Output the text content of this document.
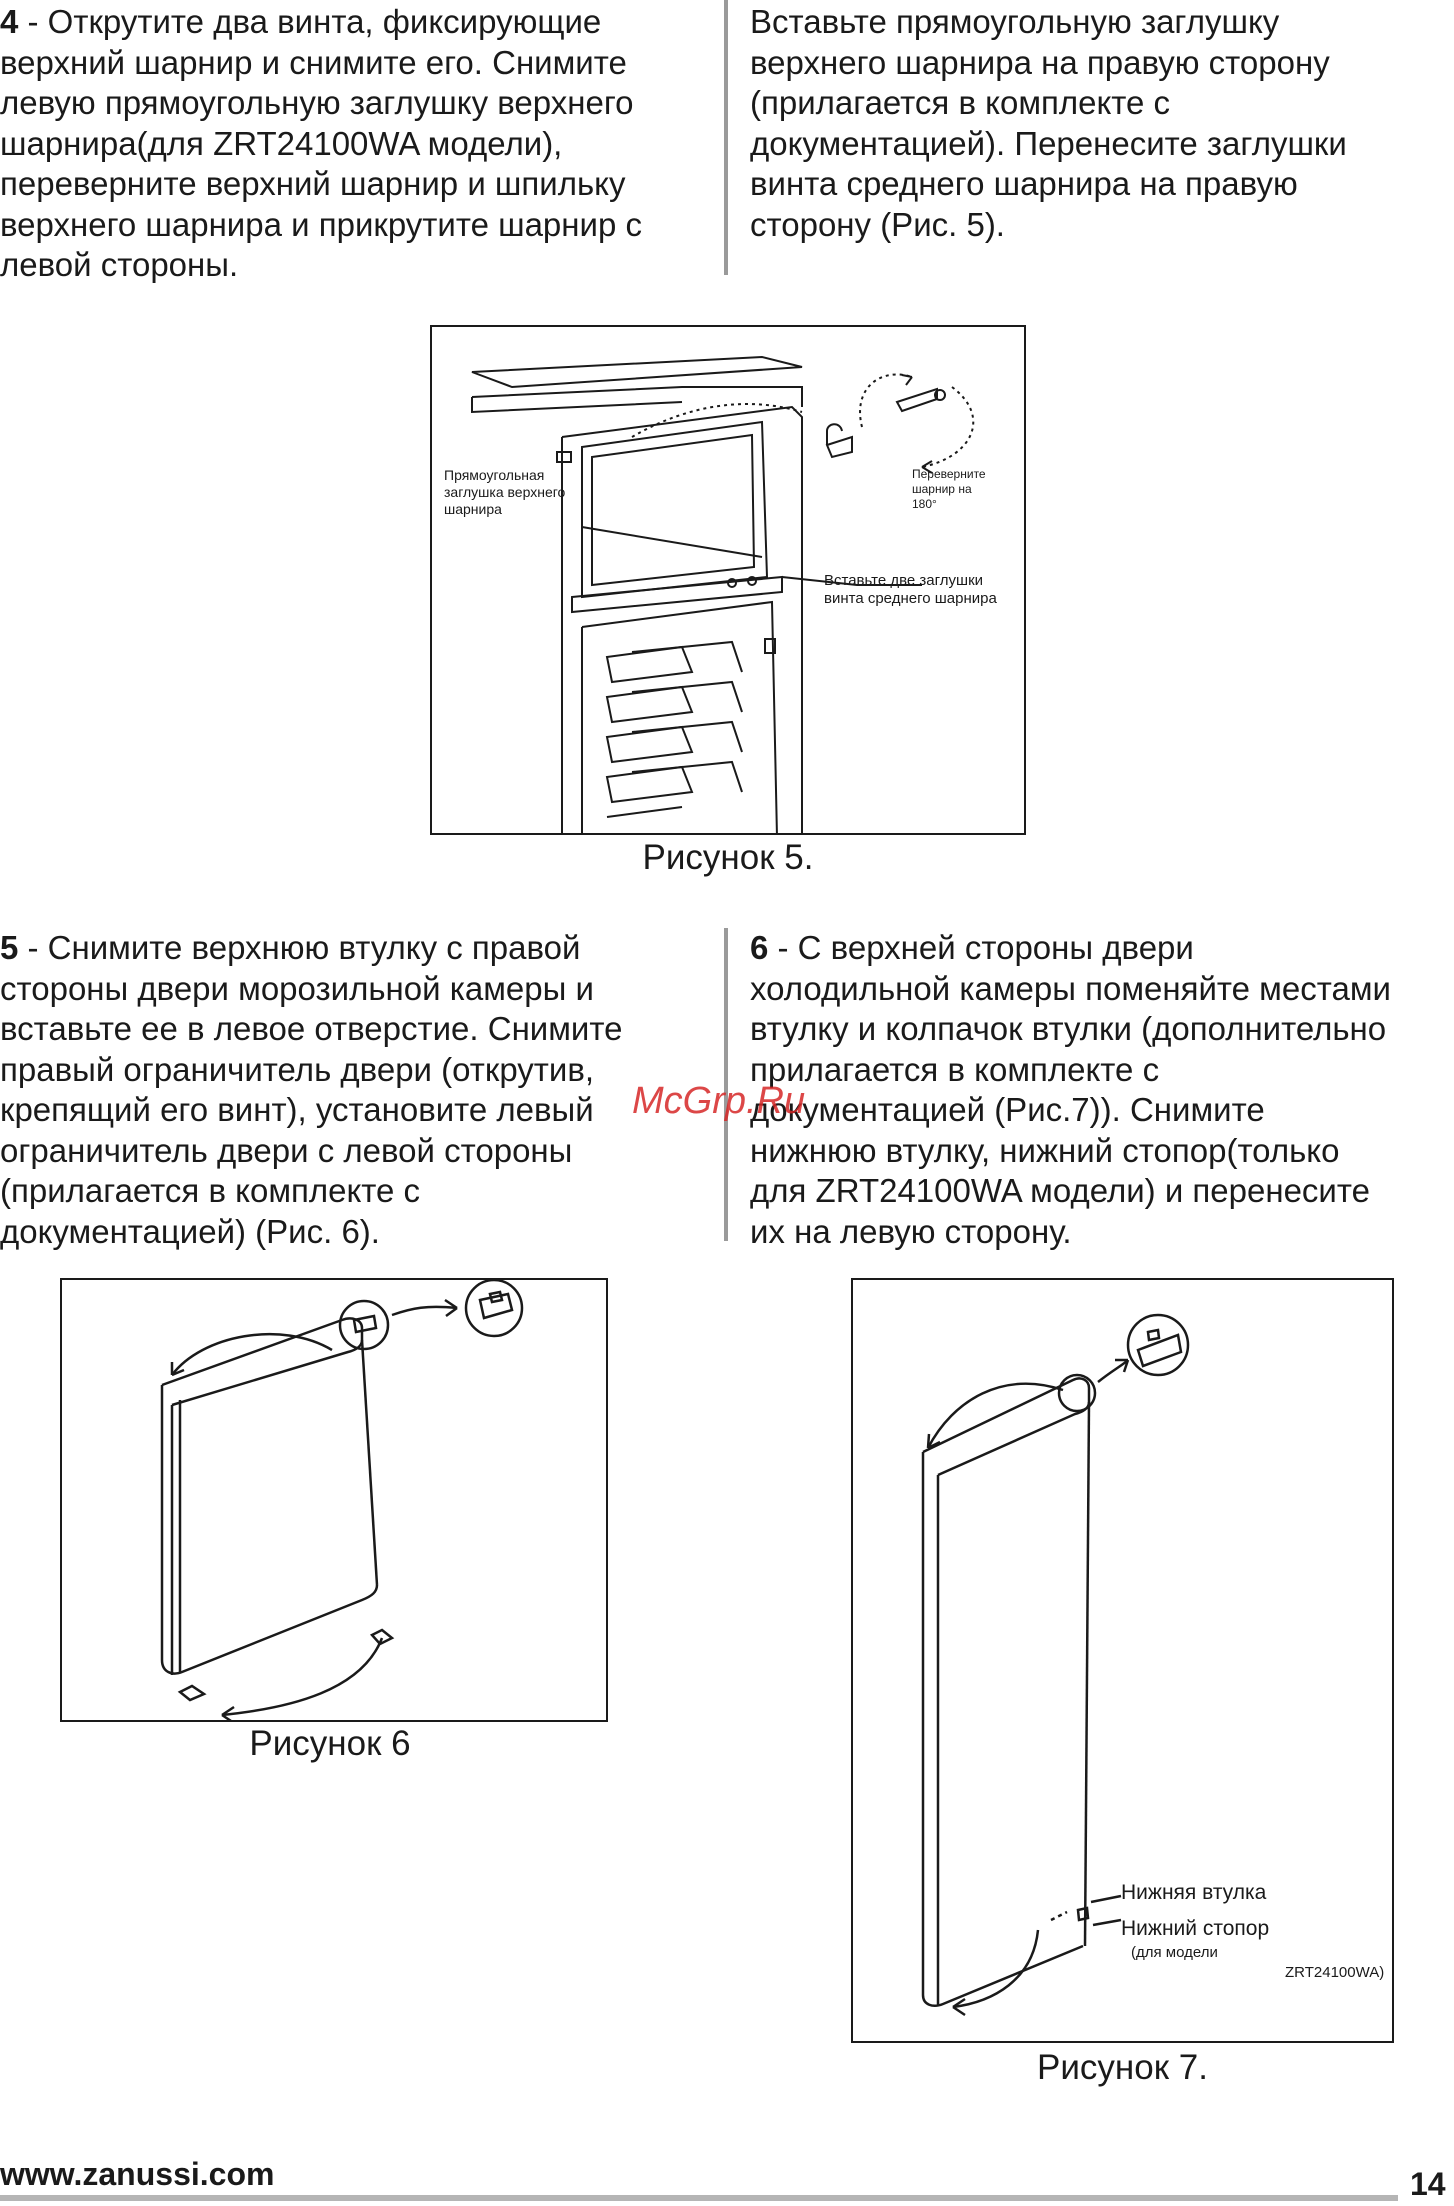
4 - Открутите два винта, фиксирующие
верхний шарнир и снимите его. Снимите
левую прямоугольную заглушку верхнего
шарнира(для ZRT24100WA модели),
переверните верхний шарнир и шпильку
верхнего шарнира и прикрутите шарнир с
левой стороны.
Вставьте прямоугольную заглушку
верхнего шарнира на правую сторону
(прилагается в комплекте с
документацией). Перенесите заглушки
винта среднего шарнира на правую
сторону (Рис. 5).
Прямоугольная
заглушка верхнего
шарнира
Переверните
шарнир на
180°
Вставьте две заглушки
винта среднего шарнира
Рисунок 5.
5 - Снимите верхнюю втулку с правой
стороны двери морозильной камеры и
вставьте ее в левое отверстие. Снимите
правый ограничитель двери (открутив,
крепящий его винт), установите левый
ограничитель двери с левой стороны
(прилагается в комплекте с
документацией) (Рис. 6).
6 - С верхней стороны двери
холодильной камеры поменяйте местами
втулку и колпачок втулки (дополнительно
прилагается в комплекте с
документацией (Рис.7)). Снимите
нижнюю втулку, нижний стопор(только
для ZRT24100WA модели) и перенесите
их на левую сторону.
McGrp.Ru
Рисунок 6
Нижняя втулка
Нижний стопор
(для модели
ZRT24100WA)
Рисунок 7.
www.zanussi.com	14
